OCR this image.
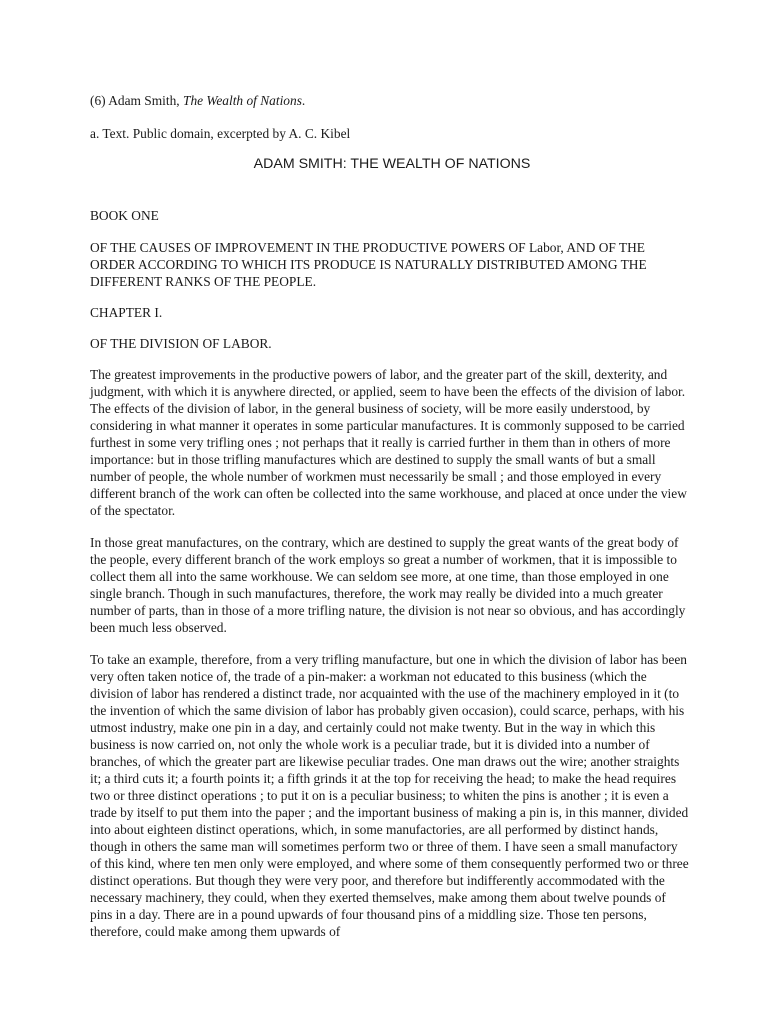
(6) Adam Smith, The Wealth of Nations.

a. Text. Public domain, excerpted by A. C. Kibel

ADAM SMITH: THE WEALTH OF NATIONS

BOOK ONE

OF THE CAUSES OF IMPROVEMENT IN THE PRODUCTIVE POWERS OF Labor, AND OF THE ORDER ACCORDING TO WHICH ITS PRODUCE IS NATURALLY DISTRIBUTED AMONG THE DIFFERENT RANKS OF THE PEOPLE.

CHAPTER I.

OF THE DIVISION OF LABOR.

The greatest improvements in the productive powers of labor, and the greater part of the skill, dexterity, and judgment, with which it is anywhere directed, or applied, seem to have been the effects of the division of labor. The effects of the division of labor, in the general business of society, will be more easily understood, by considering in what manner it operates in some particular manufactures. It is commonly supposed to be carried furthest in some very trifling ones ; not perhaps that it really is carried further in them than in others of more importance: but in those trifling manufactures which are destined to supply the small wants of but a small number of people, the whole number of workmen must necessarily be small ; and those employed in every different branch of the work can often be collected into the same workhouse, and placed at once under the view of the spectator.

In those great manufactures, on the contrary, which are destined to supply the great wants of the great body of the people, every different branch of the work employs so great a number of workmen, that it is impossible to collect them all into the same workhouse. We can seldom see more, at one time, than those employed in one single branch. Though in such manufactures, therefore, the work may really be divided into a much greater number of parts, than in those of a more trifling nature, the division is not near so obvious, and has accordingly been much less observed.

To take an example, therefore, from a very trifling manufacture, but one in which the division of labor has been very often taken notice of, the trade of a pin-maker: a workman not educated to this business (which the division of labor has rendered a distinct trade, nor acquainted with the use of the machinery employed in it (to the invention of which the same division of labor has probably given occasion), could scarce, perhaps, with his utmost industry, make one pin in a day, and certainly could not make twenty. But in the way in which this business is now carried on, not only the whole work is a peculiar trade, but it is divided into a number of branches, of which the greater part are likewise peculiar trades. One man draws out the wire; another straights it; a third cuts it; a fourth points it; a fifth grinds it at the top for receiving the head; to make the head requires two or three distinct operations ; to put it on is a peculiar business; to whiten the pins is another ; it is even a trade by itself to put them into the paper ; and the important business of making a pin is, in this manner, divided into about eighteen distinct operations, which, in some manufactories, are all performed by distinct hands, though in others the same man will sometimes perform two or three of them. I have seen a small manufactory of this kind, where ten men only were employed, and where some of them consequently performed two or three distinct operations. But though they were very poor, and therefore but indifferently accommodated with the necessary machinery, they could, when they exerted themselves, make among them about twelve pounds of pins in a day. There are in a pound upwards of four thousand pins of a middling size. Those ten persons, therefore, could make among them upwards of
